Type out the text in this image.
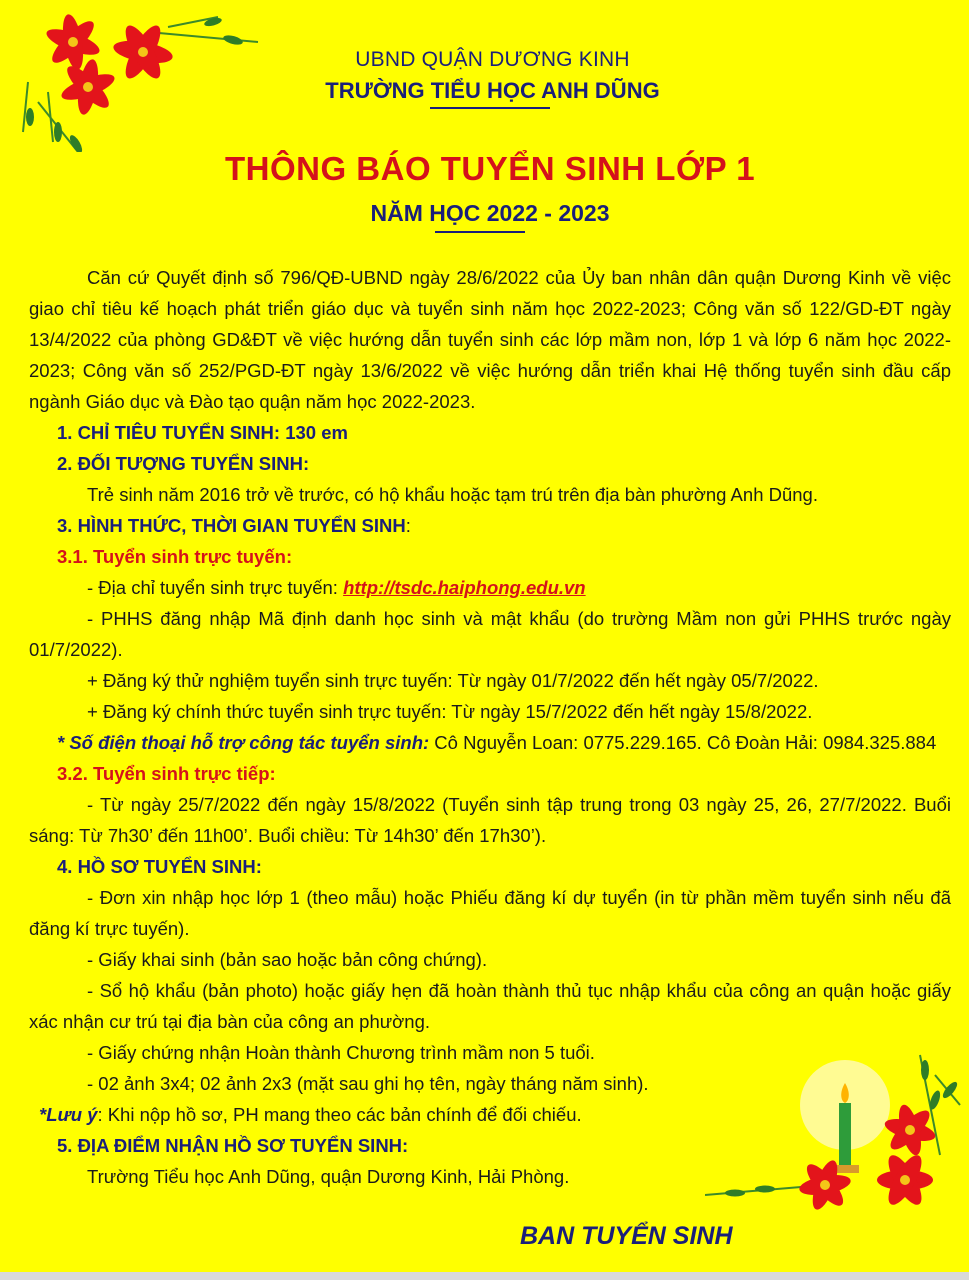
UBND QUẬN DƯƠNG KINH
TRƯỜNG TIỂU HỌC ANH DŨNG
THÔNG BÁO TUYỂN SINH LỚP 1
NĂM HỌC 2022 - 2023

Căn cứ Quyết định số 796/QĐ-UBND ngày 28/6/2022 của Ủy ban nhân dân quận Dương Kinh về việc giao chỉ tiêu kế hoạch phát triển giáo dục và tuyển sinh năm học 2022-2023; Công văn số 122/GD-ĐT ngày 13/4/2022 của phòng GD&ĐT về việc hướng dẫn tuyển sinh các lớp mầm non, lớp 1 và lớp 6 năm học 2022-2023; Công văn số 252/PGD-ĐT ngày 13/6/2022 về việc hướng dẫn triển khai Hệ thống tuyển sinh đầu cấp ngành Giáo dục và Đào tạo quận năm học 2022-2023.

1. CHỈ TIÊU TUYỂN SINH: 130 em

2. ĐỐI TƯỢNG TUYỂN SINH:

Trẻ sinh năm 2016 trở về trước, có hộ khẩu hoặc tạm trú trên địa bàn phường Anh Dũng.

3. HÌNH THỨC, THỜI GIAN TUYỂN SINH:

3.1. Tuyển sinh trực tuyến:

- Địa chỉ tuyển sinh trực tuyến: http://tsdc.haiphong.edu.vn

- PHHS đăng nhập Mã định danh học sinh và mật khẩu (do trường Mầm non gửi PHHS trước ngày 01/7/2022).

+ Đăng ký thử nghiệm tuyển sinh trực tuyến: Từ ngày 01/7/2022 đến hết ngày 05/7/2022.

+ Đăng ký chính thức tuyển sinh trực tuyến: Từ ngày 15/7/2022 đến hết ngày 15/8/2022.

* Số điện thoại hỗ trợ công tác tuyển sinh: Cô Nguyễn Loan: 0775.229.165. Cô Đoàn Hải: 0984.325.884

3.2. Tuyển sinh trực tiếp:

- Từ ngày 25/7/2022 đến ngày 15/8/2022 (Tuyển sinh tập trung trong 03 ngày 25, 26, 27/7/2022. Buổi sáng: Từ 7h30’ đến 11h00’. Buổi chiều: Từ 14h30’ đến 17h30’).

4. HỒ SƠ TUYỂN SINH:

- Đơn xin nhập học lớp 1 (theo mẫu) hoặc Phiếu đăng kí dự tuyển (in từ phần mềm tuyển sinh nếu đã đăng kí trực tuyến).

- Giấy khai sinh (bản sao hoặc bản công chứng).

- Sổ hộ khẩu (bản photo) hoặc giấy hẹn đã hoàn thành thủ tục nhập khẩu của công an quận hoặc giấy xác nhận cư trú tại địa bàn của công an phường.

- Giấy chứng nhận Hoàn thành Chương trình mầm non 5 tuổi.

- 02 ảnh 3x4; 02 ảnh 2x3 (mặt sau ghi họ tên, ngày tháng năm sinh).

*Lưu ý: Khi nộp hồ sơ, PH mang theo các bản chính để đối chiếu.

5. ĐỊA ĐIỂM NHẬN HỒ SƠ TUYỂN SINH:

Trường Tiểu học Anh Dũng, quận Dương Kinh, Hải Phòng.

BAN TUYỂN SINH
